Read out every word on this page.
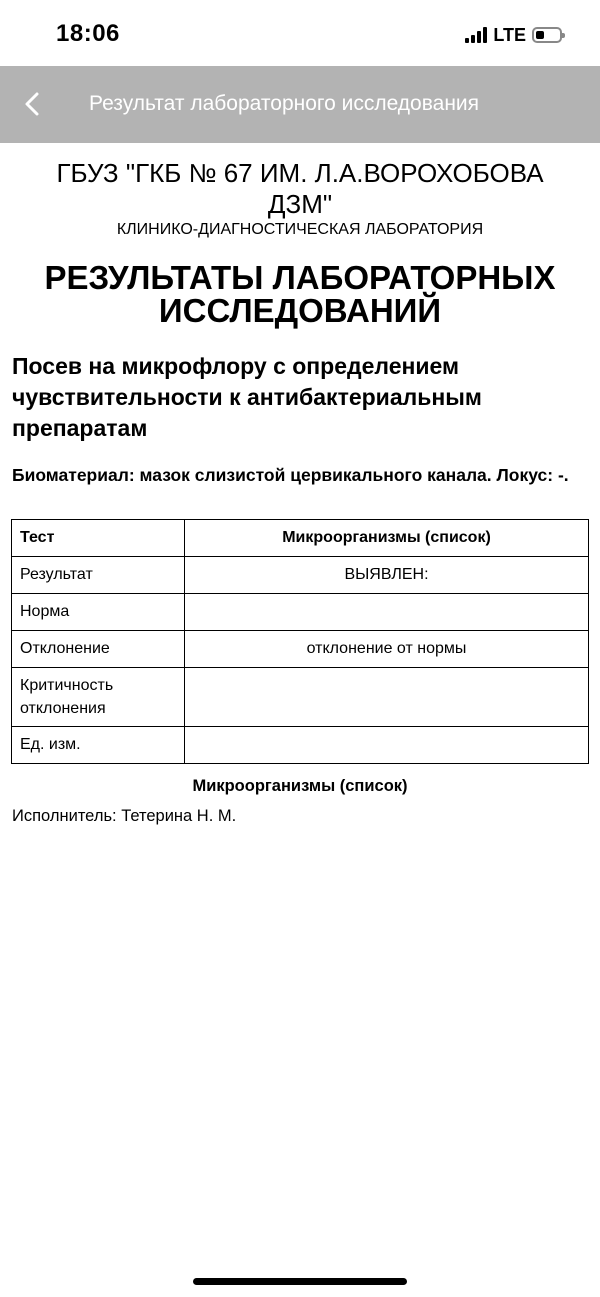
18:06	LTE
Результат лабораторного исследования
ГБУЗ "ГКБ № 67 ИМ. Л.А.ВОРОХОБОВА ДЗМ"
КЛИНИКО-ДИАГНОСТИЧЕСКАЯ ЛАБОРАТОРИЯ
РЕЗУЛЬТАТЫ ЛАБОРАТОРНЫХ ИССЛЕДОВАНИЙ
Посев на микрофлору с определением чувствительности к антибактериальным препаратам
Биоматериал: мазок слизистой цервикального канала. Локус: -.
Тест	Микроорганизмы (список)
Результат	ВЫЯВЛЕН:
Норма	
Отклонение	отклонение от нормы
Критичность отклонения	
Ед. изм.	
Микроорганизмы (список)
Исполнитель: Тетерина Н. М.
